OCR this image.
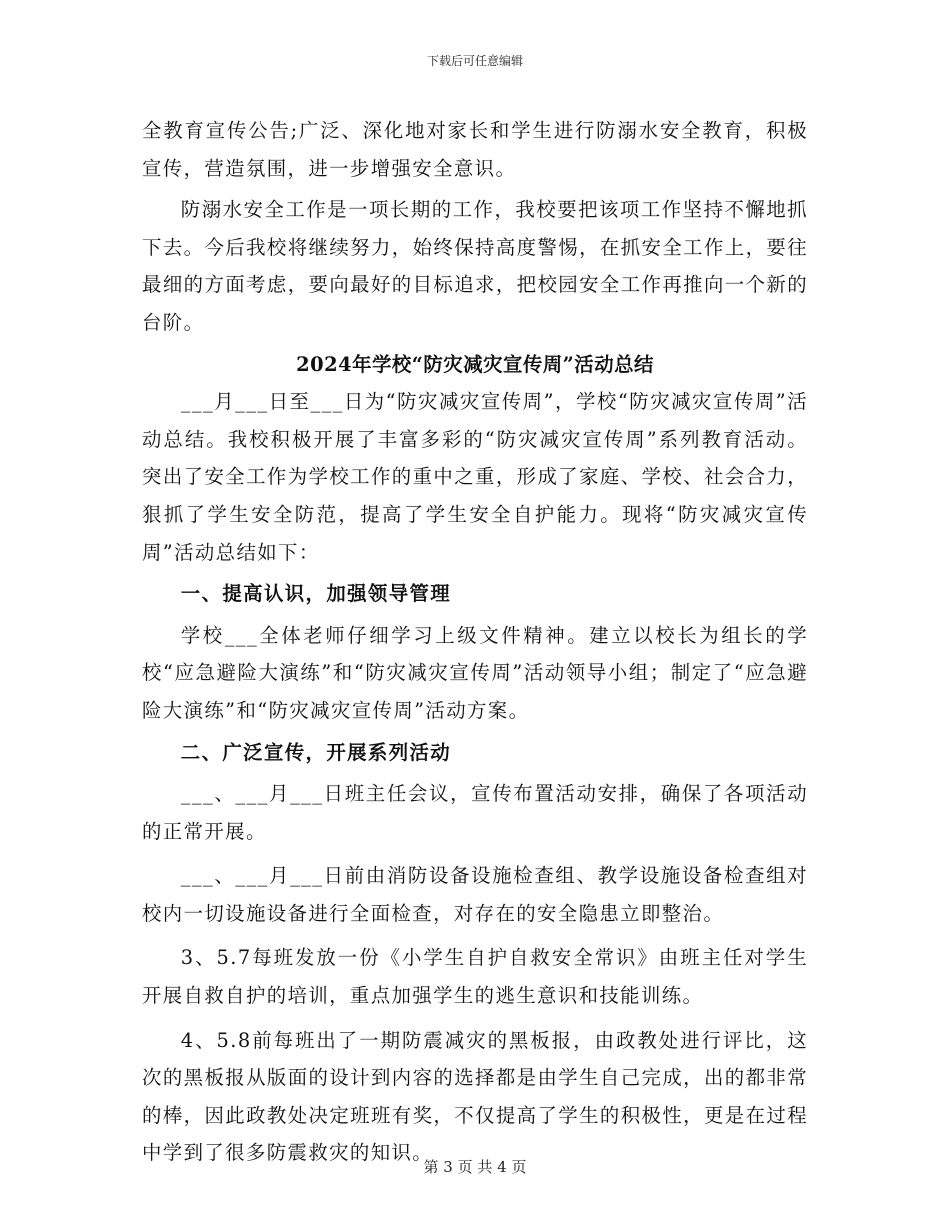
下载后可任意编辑

全教育宣传公告;广泛、深化地对家长和学生进行防溺水安全教育，积极宣传，营造氛围，进一步增强安全意识。

防溺水安全工作是一项长期的工作，我校要把该项工作坚持不懈地抓下去。今后我校将继续努力，始终保持高度警惕，在抓安全工作上，要往最细的方面考虑，要向最好的目标追求，把校园安全工作再推向一个新的台阶。

2024年学校“防灾减灾宣传周”活动总结

___月___日至___日为“防灾减灾宣传周”，学校“防灾减灾宣传周”活动总结。我校积极开展了丰富多彩的“防灾减灾宣传周”系列教育活动。突出了安全工作为学校工作的重中之重，形成了家庭、学校、社会合力，狠抓了学生安全防范，提高了学生安全自护能力。现将“防灾减灾宣传周”活动总结如下：

一、提高认识，加强领导管理

学校___全体老师仔细学习上级文件精神。建立以校长为组长的学校“应急避险大演练”和“防灾减灾宣传周”活动领导小组；制定了“应急避险大演练”和“防灾减灾宣传周”活动方案。

二、广泛宣传，开展系列活动

___、___月___日班主任会议，宣传布置活动安排，确保了各项活动的正常开展。

___、___月___日前由消防设备设施检查组、教学设施设备检查组对校内一切设施设备进行全面检查，对存在的安全隐患立即整治。

3、5.7每班发放一份《小学生自护自救安全常识》由班主任对学生开展自救自护的培训，重点加强学生的逃生意识和技能训练。

4、5.8前每班出了一期防震减灾的黑板报，由政教处进行评比，这次的黑板报从版面的设计到内容的选择都是由学生自己完成，出的都非常的棒，因此政教处决定班班有奖，不仅提高了学生的积极性，更是在过程中学到了很多防震救灾的知识。

第 3 页 共 4 页
